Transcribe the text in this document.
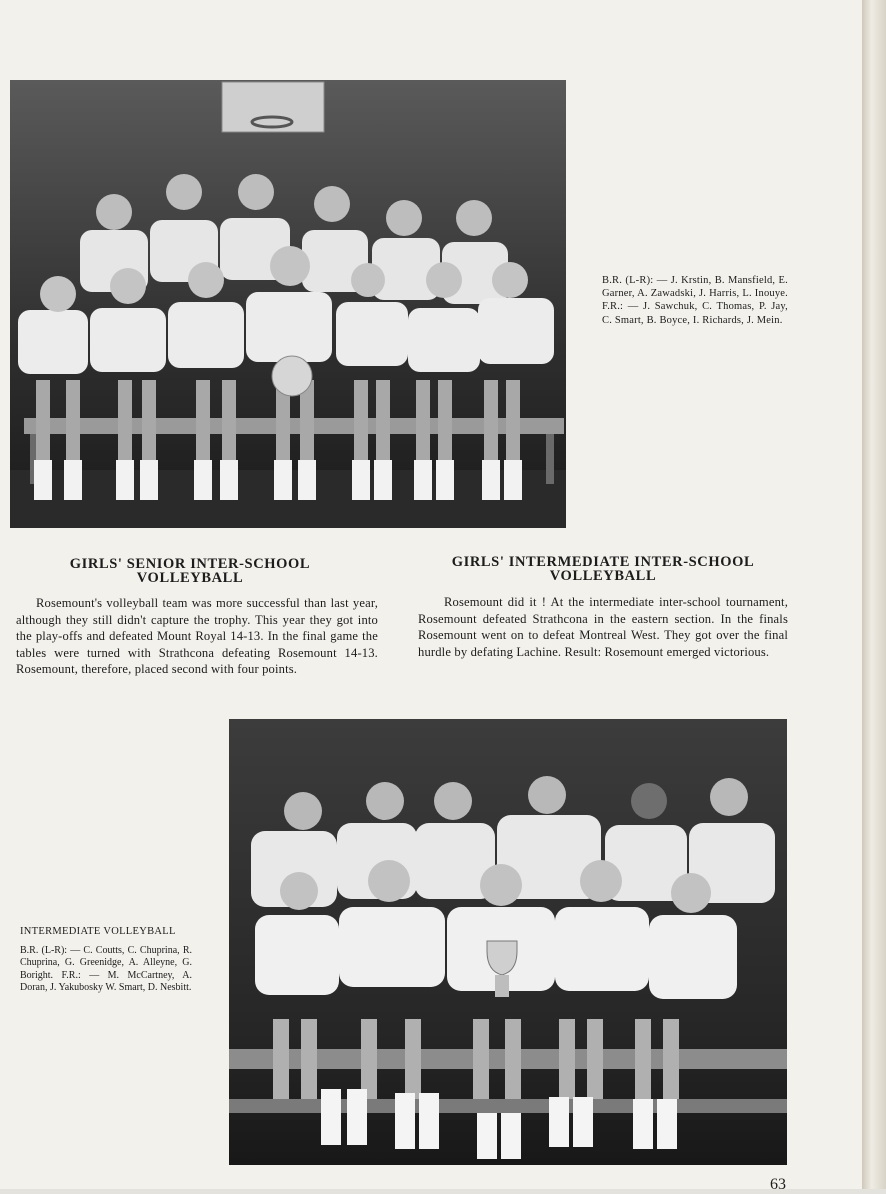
B.R. (L-R): — J. Krstin, B. Mansfield, E. Garner, A. Zawadski, J. Harris, L. Inouye. F.R.: — J. Sawchuk, C. Thomas, P. Jay, C. Smart, B. Boyce, I. Richards, J. Mein.
GIRLS' SENIOR INTER-SCHOOL
VOLLEYBALL
GIRLS' INTERMEDIATE INTER-SCHOOL
VOLLEYBALL
Rosemount's volleyball team was more successful than last year, although they still didn't capture the trophy. This year they got into the play-offs and defeated Mount Royal 14-13. In the final game the tables were turned with Strathcona defeating Rosemount 14-13. Rosemount, therefore, placed second with four points.
Rosemount did it ! At the intermediate inter-school tournament, Rosemount defeated Strathcona in the eastern section. In the finals Rosemount went on to defeat Montreal West. They got over the final hurdle by defating Lachine. Result: Rosemount emerged victorious.
INTERMEDIATE VOLLEYBALL
B.R. (L-R): — C. Coutts, C. Chuprina, R. Chuprina, G. Greenidge, A. Alleyne, G. Boright. F.R.: — M. McCartney, A. Doran, J. Yakubosky W. Smart, D. Nesbitt.
63
